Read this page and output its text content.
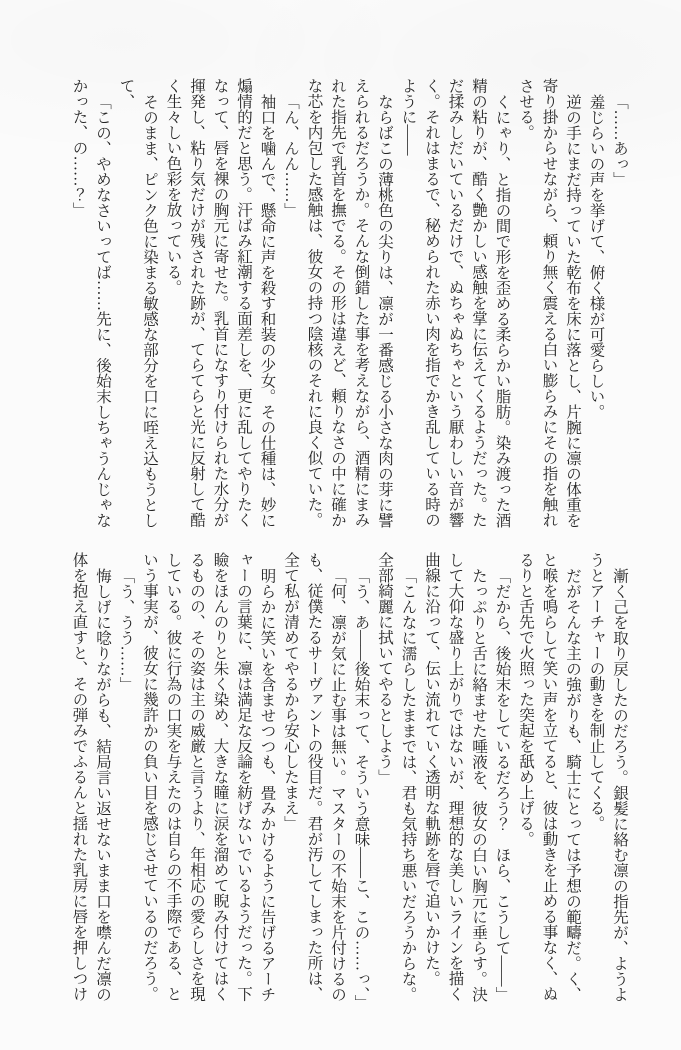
「……あっ」

羞じらいの声を挙げて、俯く様が可愛らしい。

逆の手にまだ持っていた乾布を床に落とし、片腕に凛の体重を寄り掛からせながら、頼り無く震える白い膨らみにその指を触れさせる。

くにゃり、と指の間で形を歪める柔らかい脂肪。染み渡った酒精の粘りが、酷く艶かしい感触を掌に伝えてくるようだった。ただ揉みしだいているだけで、ぬちゃぬちゃという厭わしい音が響く。それはまるで、秘められた赤い肉を指でかき乱している時のように――

ならばこの薄桃色の尖りは、凛が一番感じる小さな肉の芽に譬えられるだろうか。そんな倒錯した事を考えながら、酒精にまみれた指先で乳首を撫でる。その形は違えど、頼りなさの中に確かな芯を内包した感触は、彼女の持つ陰核のそれに良く似ていた。

「ん、んん……」

袖口を噛んで、懸命に声を殺す和装の少女。その仕種は、妙に煽情的だと思う。汗ばみ紅潮する面差しを、更に乱してやりたくなって、唇を裸の胸元に寄せた。乳首になすり付けられた水分が揮発し、粘り気だけが残された跡が、てらてらと光に反射して酷く生々しい色彩を放っている。

そのまま、ピンク色に染まる敏感な部分を口に咥え込もうとして、

「この、やめなさいってば……先に、後始末しちゃうんじゃなかった、の……？」

漸く己を取り戻したのだろう。銀髪に絡む凛の指先が、ようようとアーチャーの動きを制止してくる。

だがそんな主の強がりも、騎士にとっては予想の範疇だ。く、と喉を鳴らして笑い声を立てると、彼は動きを止める事なく、ぬるりと舌先で火照った突起を舐め上げる。

「だから、後始末をしているだろう？　ほら、こうして――」

たっぷりと舌に絡ませた唾液を、彼女の白い胸元に垂らす。決して大仰な盛り上がりではないが、理想的な美しいラインを描く曲線に沿って、伝い流れていく透明な軌跡を唇で追いかけた。

「こんなに濡らしたままでは、君も気持ち悪いだろうからな。全部綺麗に拭いてやるとしよう」

「う、あ――後始末って、そういう意味――こ、この……っ、」

「何、凛が気に止む事は無い。マスターの不始末を片付けるのも、従僕たるサーヴァントの役目だ。君が汚してしまった所は、全て私が清めてやるから安心したまえ」

明らかに笑いを含ませつつも、畳みかけるように告げるアーチャーの言葉に、凛は満足な反論を紡げないでいるようだった。下瞼をほんのりと朱く染め、大きな瞳に涙を溜めて睨み付けてはくるものの、その姿は主の威厳と言うより、年相応の愛らしさを現している。彼に行為の口実を与えたのは自らの不手際である、という事実が、彼女に幾許かの負い目を感じさせているのだろう。

「う、うう……」

悔しげに唸りながらも、結局言い返せないまま口を噤んだ凛の体を抱え直すと、その弾みでふるんと揺れた乳房に唇を押しつけ
